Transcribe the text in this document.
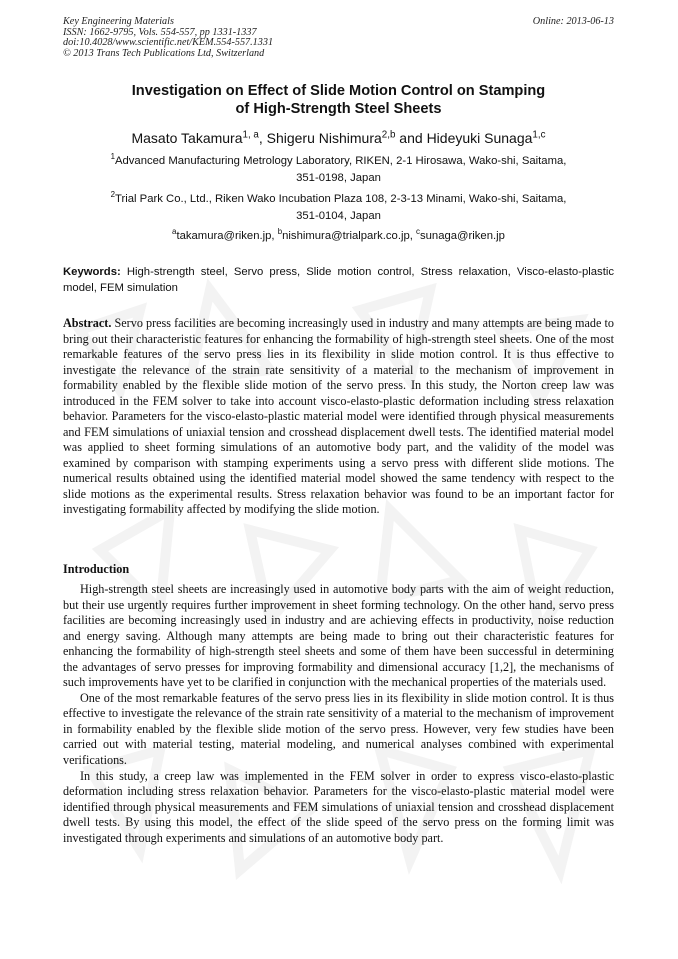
Key Engineering Materials
ISSN: 1662-9795, Vols. 554-557, pp 1331-1337
doi:10.4028/www.scientific.net/KEM.554-557.1331
© 2013 Trans Tech Publications Ltd, Switzerland
Online: 2013-06-13
Investigation on Effect of Slide Motion Control on Stamping
of High-Strength Steel Sheets
Masato Takamura$^{1, a}$, Shigeru Nishimura$^{2,b}$ and Hideyuki Sunaga$^{1,c}$
$^1$Advanced Manufacturing Metrology Laboratory, RIKEN, 2-1 Hirosawa, Wako-shi, Saitama,
351-0198, Japan
$^2$Trial Park Co., Ltd., Riken Wako Incubation Plaza 108, 2-3-13 Minami, Wako-shi, Saitama,
351-0104, Japan
$^a$takamura@riken.jp, $^b$nishimura@trialpark.co.jp, $^c$sunaga@riken.jp
Keywords: High-strength steel, Servo press, Slide motion control, Stress relaxation, Visco-elasto-plastic model, FEM simulation
Abstract. Servo press facilities are becoming increasingly used in industry and many attempts are being made to bring out their characteristic features for enhancing the formability of high-strength steel sheets. One of the most remarkable features of the servo press lies in its flexibility in slide motion control. It is thus effective to investigate the relevance of the strain rate sensitivity of a material to the mechanism of improvement in formability enabled by the flexible slide motion of the servo press. In this study, the Norton creep law was introduced in the FEM solver to take into account visco-elasto-plastic deformation including stress relaxation behavior. Parameters for the visco-elasto-plastic material model were identified through physical measurements and FEM simulations of uniaxial tension and crosshead displacement dwell tests. The identified material model was applied to sheet forming simulations of an automotive body part, and the validity of the model was examined by comparison with stamping experiments using a servo press with different slide motions. The numerical results obtained using the identified material model showed the same tendency with respect to the slide motions as the experimental results. Stress relaxation behavior was found to be an important factor for investigating formability affected by modifying the slide motion.
Introduction

High-strength steel sheets are increasingly used in automotive body parts with the aim of weight reduction, but their use urgently requires further improvement in sheet forming technology. On the other hand, servo press facilities are becoming increasingly used in industry and are achieving effects in productivity, noise reduction and energy saving. Although many attempts are being made to bring out their characteristic features for enhancing the formability of high-strength steel sheets and some of them have been successful in determining the advantages of servo presses for improving formability and dimensional accuracy [1,2], the mechanisms of such improvements have yet to be clarified in conjunction with the mechanical properties of the materials used.

One of the most remarkable features of the servo press lies in its flexibility in slide motion control. It is thus effective to investigate the relevance of the strain rate sensitivity of a material to the mechanism of improvement in formability enabled by the flexible slide motion of the servo press. However, very few studies have been carried out with material testing, material modeling, and numerical analyses combined with experimental verifications.

In this study, a creep law was implemented in the FEM solver in order to express visco-elasto-plastic deformation including stress relaxation behavior. Parameters for the visco-elasto-plastic material model were identified through physical measurements and FEM simulations of uniaxial tension and crosshead displacement dwell tests. By using this model, the effect of the slide speed of the servo press on the forming limit was investigated through experiments and simulations of an automotive body part.
